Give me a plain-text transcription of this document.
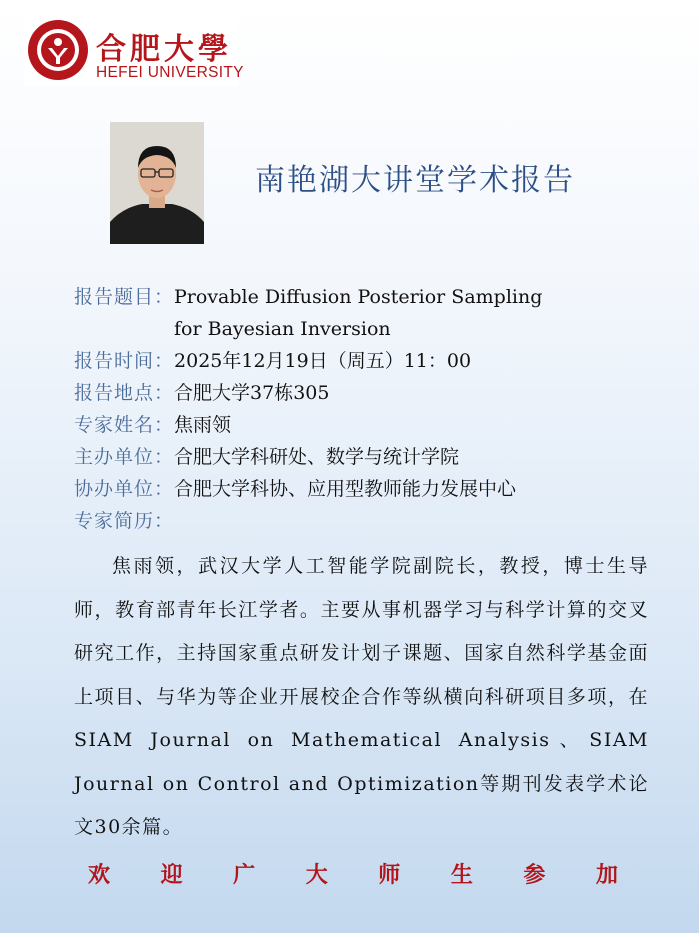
合肥大學
HEFEI UNIVERSITY
南艳湖大讲堂学术报告
报告题目： Provable Diffusion Posterior Sampling for Bayesian Inversion
报告时间： 2025年12月19日（周五）11：00
报告地点： 合肥大学37栋305
专家姓名： 焦雨领
主办单位： 合肥大学科研处、数学与统计学院
协办单位： 合肥大学科协、应用型教师能力发展中心
专家简历：
焦雨领，武汉大学人工智能学院副院长，教授，博士生导师，教育部青年长江学者。主要从事机器学习与科学计算的交叉研究工作，主持国家重点研发计划子课题、国家自然科学基金面上项目、与华为等企业开展校企合作等纵横向科研项目多项，在SIAM Journal on Mathematical Analysis、SIAM Journal on Control and Optimization等期刊发表学术论文30余篇。
欢 迎 广 大 师 生 参 加
